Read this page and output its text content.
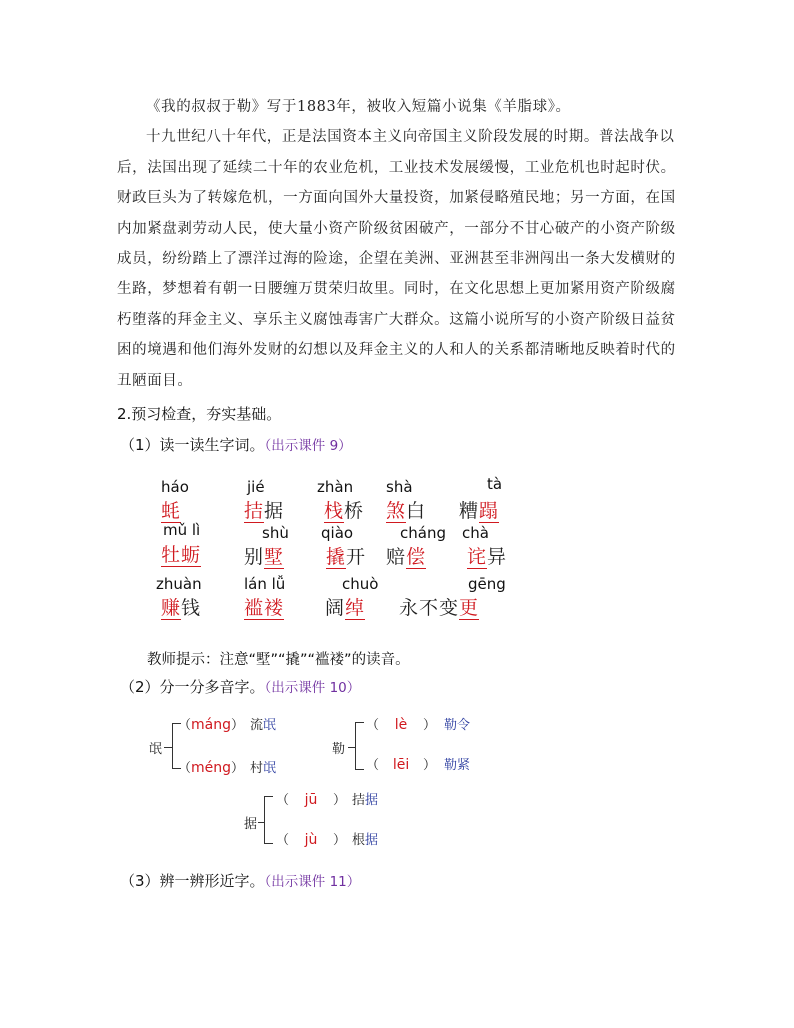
《我的叔叔于勒》写于1883年，被收入短篇小说集《羊脂球》。

十九世纪八十年代，正是法国资本主义向帝国主义阶段发展的时期。普法战争以后，法国出现了延续二十年的农业危机，工业技术发展缓慢，工业危机也时起时伏。财政巨头为了转嫁危机，一方面向国外大量投资，加紧侵略殖民地；另一方面，在国内加紧盘剥劳动人民，使大量小资产阶级贫困破产，一部分不甘心破产的小资产阶级成员，纷纷踏上了漂洋过海的险途，企望在美洲、亚洲甚至非洲闯出一条大发横财的生路，梦想着有朝一日腰缠万贯荣归故里。同时，在文化思想上更加紧用资产阶级腐朽堕落的拜金主义、享乐主义腐蚀毒害广大群众。这篇小说所写的小资产阶级日益贫困的境遇和他们海外发财的幻想以及拜金主义的人和人的关系都清晰地反映着时代的丑陋面目。

2.预习检查，夯实基础。
（1）读一读生字词。（出示课件 9）
háo
蚝
jié
拮据
zhàn
栈桥
shà
煞白
tà
糟蹋
mǔ lì
牡蛎
shù
别墅
qiào
撬开
cháng
赔偿
chà
诧异
zhuàn
赚钱
lán lǚ
褴褛
chuò
阔绰
gēng
永不变更
教师提示：注意“墅”“撬”“褴褛”的读音。
（2）分一分多音字。（出示课件 10）
氓
（máng） 流氓
（méng） 村氓
勒
（ lè ） 勒令
（ lēi ） 勒紧
据
（ jū ） 拮据
（ jù ） 根据
（3）辨一辨形近字。（出示课件 11）
